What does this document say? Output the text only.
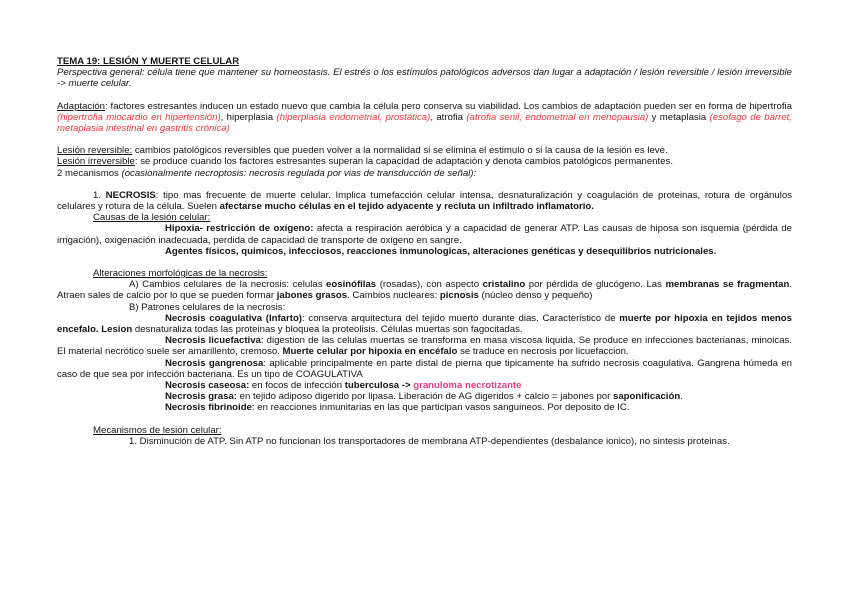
TEMA 19: LESIÓN Y MUERTE CELULAR

Perspectiva general: célula tiene que mantener su homeostasis. El estrés o los estímulos patológicos adversos dan lugar a adaptación / lesión reversible / lesión irreversible -> muerte celular.

Adaptación: factores estresantes inducen un estado nuevo que cambia la célula pero conserva su viabilidad. Los cambios de adaptación pueden ser en forma de hipertrofia (hipertrofia miocardio en hipertensión), hiperplasia (hiperplasia endometrial, prostática), atrofia (atrofia senil, endometrial en menopausia) y metaplasia (esofago de barret, metaplasia intestinal en gastritis crónica)

Lesión reversible: cambios patológicos reversibles que pueden volver a la normalidad si se elimina el estimulo o si la causa de la lesión es leve.

Lesión irreversible: se produce cuando los factores estresantes superan la capacidad de adaptación y denota cambios patológicos permanentes.

2 mecanismos (ocasionalmente necroptosis: necrosis regulada por vias de transducción de señal):

1. NECROSIS: tipo mas frecuente de muerte celular. Implica tumefacción celular intensa, desnaturalización y coagulación de proteinas, rotura de orgánulos celulares y rotura de la célula. Suelen afectarse mucho células en el tejido adyacente y recluta un infiltrado inflamatorio.

Causas de la lesión celular:

Hipoxia- restricción de oxígeno: afecta a respiración aeróbica y a capacidad de generar ATP. Las causas de hiposa son isquemia (pérdida de irrigación), oxigenación inadecuada, perdida de capacidad de transporte de oxigeno en sangre.

Agentes físicos, quimicos, infecciosos, reacciones inmunologicas, alteraciones genéticas y desequilibrios nutricionales.

Alteraciones morfológicas de la necrosis:

A) Cambios celulares de la necrosis: celulas eosinófilas (rosadas), con aspecto cristalino por pérdida de glucógeno. Las membranas se fragmentan. Atraen sales de calcio por lo que se pueden formar jabones grasos. Cambios nucleares: picnosis (núcleo denso y pequeño)

B) Patrones celulares de la necrosis:

Necrosis coagulativa (Infarto): conserva arquitectura del tejido muerto durante dias. Caracteristico de muerte por hipoxia en tejidos menos encefalo. Lesion desnaturaliza todas las proteinas y bloquea la proteolisis. Células muertas son fagocitadas.

Necrosis licuefactiva: digestion de las celulas muertas se transforma en masa viscosa liquida. Se produce en infecciones bacterianas, minoicas. El material necrótico suele ser amarillento, cremoso. Muerte celular por hipoxia en encéfalo se traduce en necrosis por licuefaccion.

Necrosis gangrenosa: aplicable principalmente en parte distal de pierna que tipicamente ha sufrido necrosis coagulativa. Gangrena húmeda en caso de que sea por infección bacteriana. Es un tipo de COAGULATIVA

Necrosis caseosa: en focos de infección tuberculosa -> granuloma necrotizante

Necrosis grasa: en tejido adiposo digerido por lipasa. Liberación de AG digeridos + calcio = jabones por saponificación.

Necrosis fibrinoide: en reacciones inmunitarias en las que participan vasos sanguineos. Por deposito de IC.

Mecanismos de lesión celular:

1. Disminución de ATP. Sin ATP no funcionan los transportadores de membrana ATP-dependientes (desbalance ionico), no sintesis proteinas.
